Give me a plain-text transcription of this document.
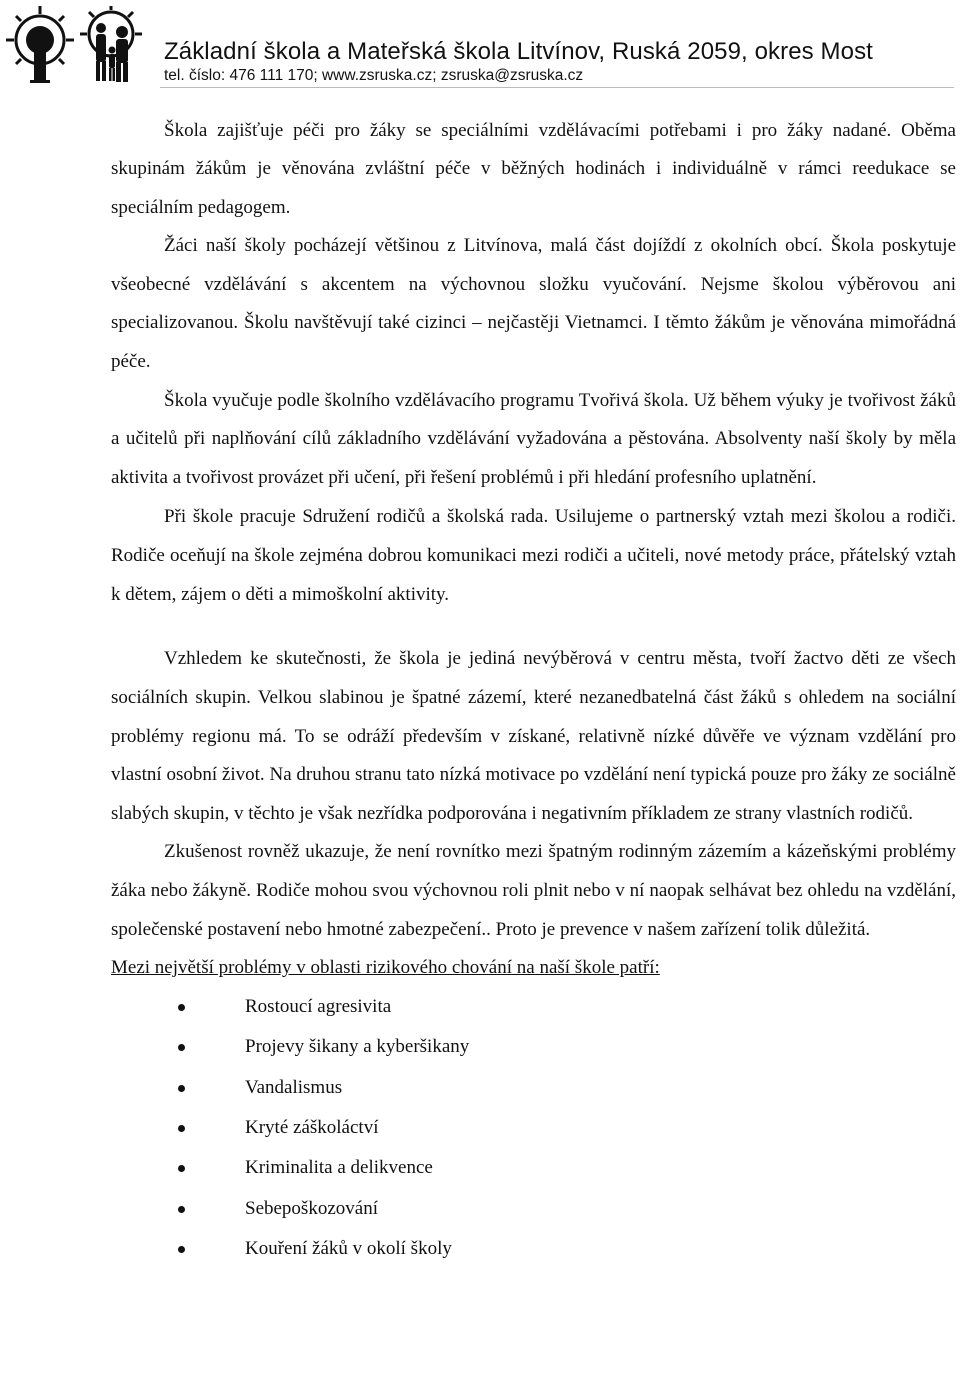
Základní škola a Mateřská škola Litvínov, Ruská 2059, okres Most
tel. číslo: 476 111 170; www.zsruska.cz; zsruska@zsruska.cz

Škola zajišťuje péči pro žáky se speciálními vzdělávacími potřebami i pro žáky nadané. Oběma skupinám žákům je věnována zvláštní péče v běžných hodinách i individuálně v rámci reedukace se speciálním pedagogem.

Žáci naší školy pocházejí většinou z Litvínova, malá část dojíždí z okolních obcí. Škola poskytuje všeobecné vzdělávání s akcentem na výchovnou složku vyučování. Nejsme školou výběrovou ani specializovanou. Školu navštěvují také cizinci – nejčastěji Vietnamci. I těmto žákům je věnována mimořádná péče.

Škola vyučuje podle školního vzdělávacího programu Tvořivá škola. Už během výuky je tvořivost žáků a učitelů při naplňování cílů základního vzdělávání vyžadována a pěstována. Absolventy naší školy by měla aktivita a tvořivost provázet při učení, při řešení problémů i při hledání profesního uplatnění.

Při škole pracuje Sdružení rodičů a školská rada. Usilujeme o partnerský vztah mezi školou a rodiči. Rodiče oceňují na škole zejména dobrou komunikaci mezi rodiči a učiteli, nové metody práce, přátelský vztah k dětem, zájem o děti a mimoškolní aktivity.

Vzhledem ke skutečnosti, že škola je jediná nevýběrová v centru města, tvoří žactvo děti ze všech sociálních skupin. Velkou slabinou je špatné zázemí, které nezanedbatelná část žáků s ohledem na sociální problémy regionu má. To se odráží především v získané, relativně nízké důvěře ve význam vzdělání pro vlastní osobní život. Na druhou stranu tato nízká motivace po vzdělání není typická pouze pro žáky ze sociálně slabých skupin, v těchto je však nezřídka podporována i negativním příkladem ze strany vlastních rodičů.

Zkušenost rovněž ukazuje, že není rovnítko mezi špatným rodinným zázemím a kázeňskými problémy žáka nebo žákyně. Rodiče mohou svou výchovnou roli plnit nebo v ní naopak selhávat bez ohledu na vzdělání, společenské postavení nebo hmotné zabezpečení.. Proto je prevence v našem zařízení tolik důležitá.

Mezi největší problémy v oblasti rizikového chování na naší škole patří:

Rostoucí agresivita
Projevy šikany a kyberšikany
Vandalismus
Kryté záškoláctví
Kriminalita a delikvence
Sebepoškozování
Kouření žáků v okolí školy
